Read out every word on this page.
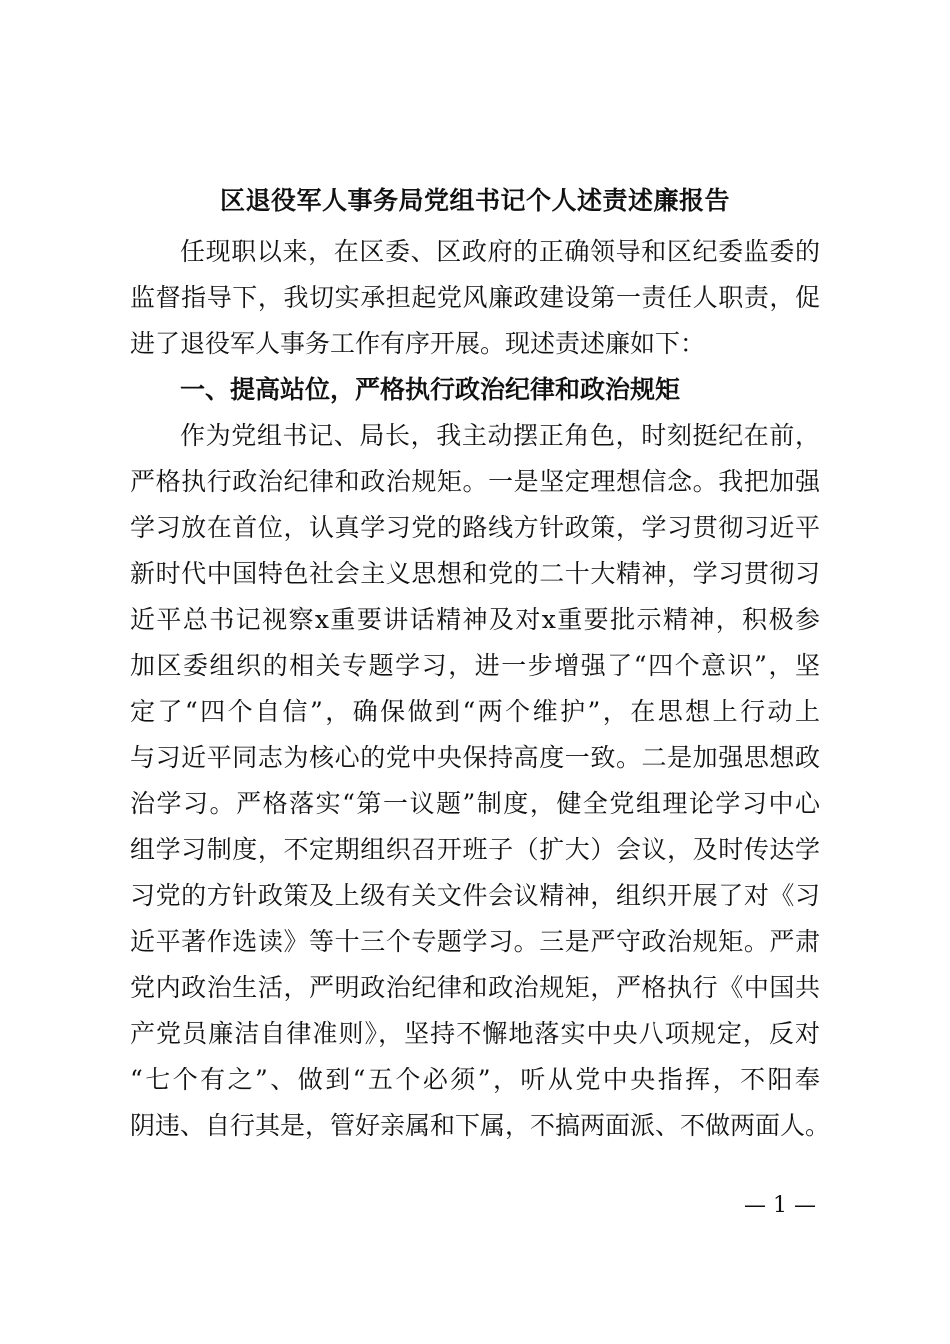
区退役军人事务局党组书记个人述责述廉报告
任现职以来，在区委、区政府的正确领导和区纪委监委的
监督指导下，我切实承担起党风廉政建设第一责任人职责，促
进了退役军人事务工作有序开展。现述责述廉如下：
一、提高站位，严格执行政治纪律和政治规矩
作为党组书记、局长，我主动摆正角色，时刻挺纪在前，
严格执行政治纪律和政治规矩。一是坚定理想信念。我把加强
学习放在首位，认真学习党的路线方针政策，学习贯彻习近平
新时代中国特色社会主义思想和党的二十大精神，学习贯彻习
近平总书记视察x重要讲话精神及对x重要批示精神，积极参
加区委组织的相关专题学习，进一步增强了“四个意识”，坚
定了“四个自信”，确保做到“两个维护”，在思想上行动上
与习近平同志为核心的党中央保持高度一致。二是加强思想政
治学习。严格落实“第一议题”制度，健全党组理论学习中心
组学习制度，不定期组织召开班子（扩大）会议，及时传达学
习党的方针政策及上级有关文件会议精神，组织开展了对《习
近平著作选读》等十三个专题学习。三是严守政治规矩。严肃
党内政治生活，严明政治纪律和政治规矩，严格执行《中国共
产党员廉洁自律准则》，坚持不懈地落实中央八项规定，反对
“七个有之”、做到“五个必须”，听从党中央指挥，不阳奉
阴违、自行其是，管好亲属和下属，不搞两面派、不做两面人。
— 1 —
